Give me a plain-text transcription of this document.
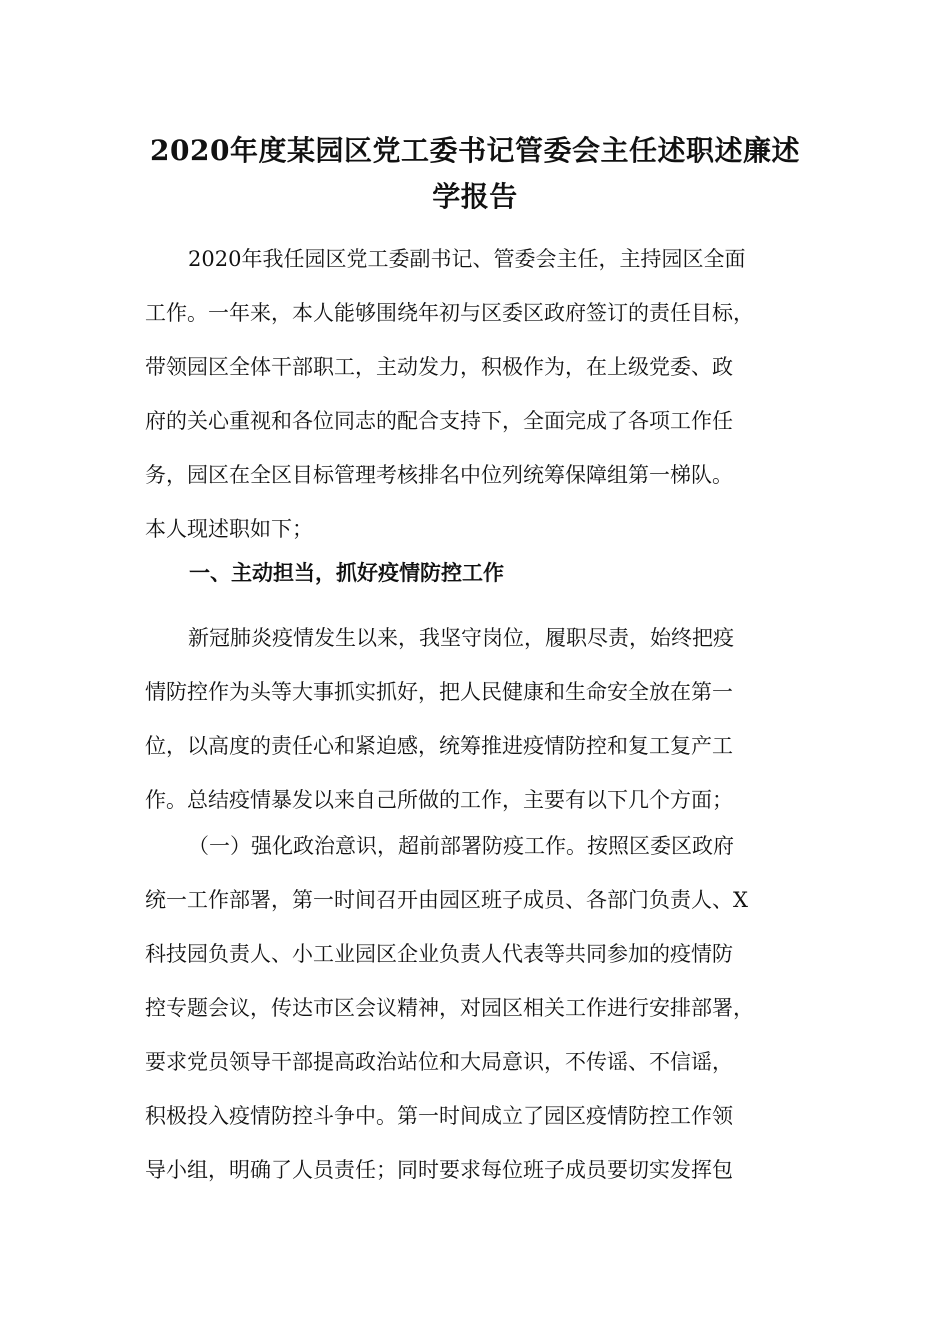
2020年度某园区党工委书记管委会主任述职述廉述
学报告
2020年我任园区党工委副书记、管委会主任，主持园区全面
工作。一年来，本人能够围绕年初与区委区政府签订的责任目标，
带领园区全体干部职工，主动发力，积极作为，在上级党委、政
府的关心重视和各位同志的配合支持下，全面完成了各项工作任
务，园区在全区目标管理考核排名中位列统筹保障组第一梯队。
本人现述职如下；
一、主动担当，抓好疫情防控工作
新冠肺炎疫情发生以来，我坚守岗位，履职尽责，始终把疫
情防控作为头等大事抓实抓好，把人民健康和生命安全放在第一
位，以高度的责任心和紧迫感，统筹推进疫情防控和复工复产工
作。总结疫情暴发以来自己所做的工作，主要有以下几个方面；
（一）强化政治意识，超前部署防疫工作。按照区委区政府
统一工作部署，第一时间召开由园区班子成员、各部门负责人、X
科技园负责人、小工业园区企业负责人代表等共同参加的疫情防
控专题会议，传达市区会议精神，对园区相关工作进行安排部署，
要求党员领导干部提高政治站位和大局意识，不传谣、不信谣，
积极投入疫情防控斗争中。第一时间成立了园区疫情防控工作领
导小组，明确了人员责任；同时要求每位班子成员要切实发挥包
